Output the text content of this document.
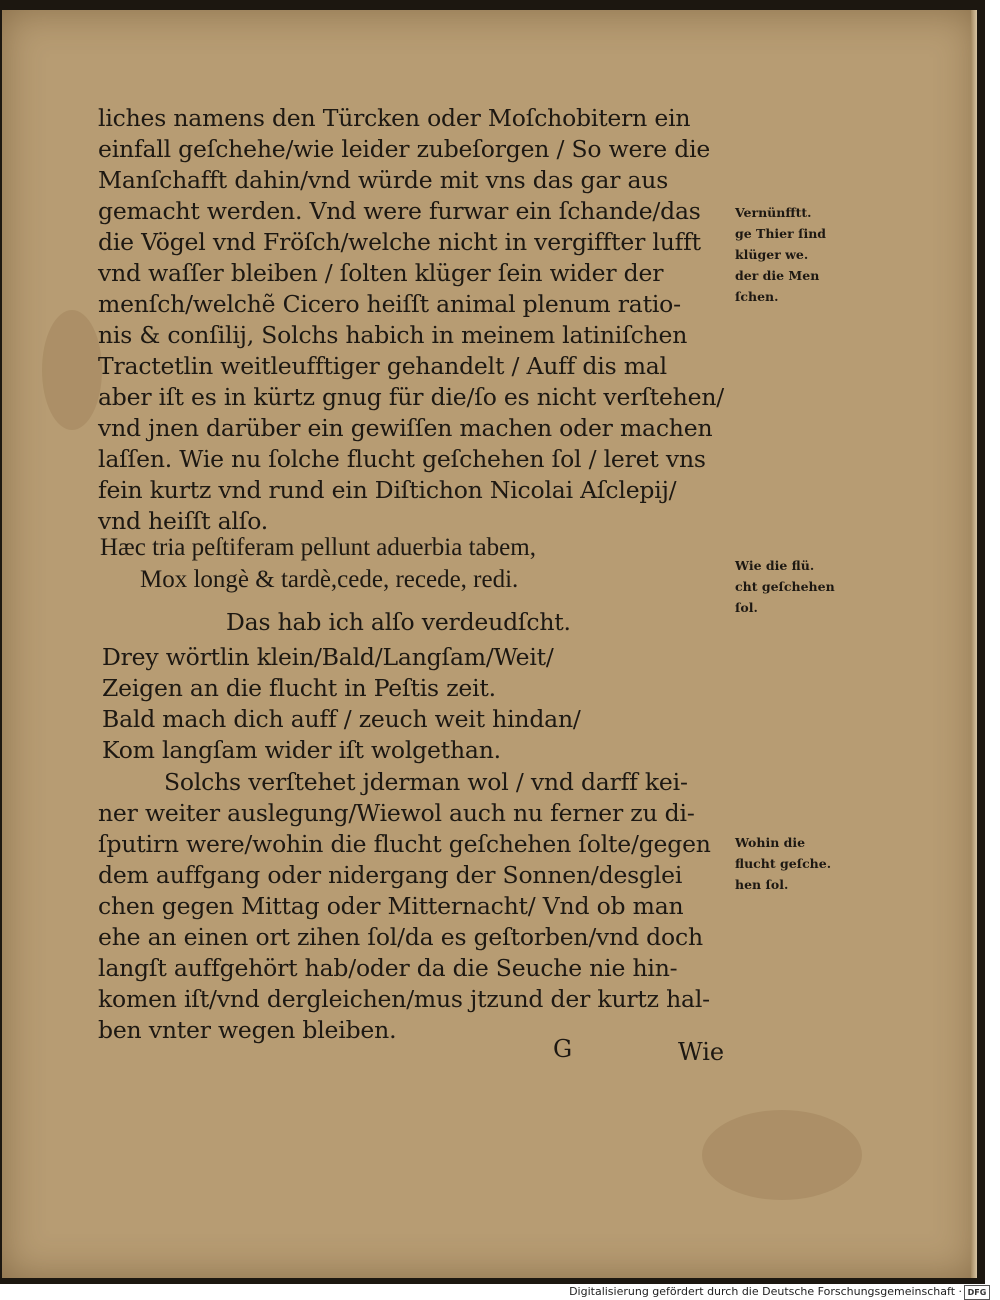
liches namens den Türcken oder Moſchobitern ein
einfall geſchehe/wie leider zubeſorgen / So were die
Manſchafft dahin/vnd würde mit vns das gar aus
gemacht werden. Vnd were furwar ein ſchande/das
die Vögel vnd Fröſch/welche nicht in vergiffter lufft
vnd waſſer bleiben / ſolten klüger ſein wider der
menſch/welchẽ Cicero heiſſt animal plenum ratio-
nis & conſilij, Solchs habich in meinem latiniſchen
Tractetlin weitleufftiger gehandelt / Auff dis mal
aber iſt es in kürtz gnug für die/ſo es nicht verſtehen/
vnd jnen darüber ein gewiſſen machen oder machen
laſſen. Wie nu ſolche flucht geſchehen ſol / leret vns
fein kurtz vnd rund ein Diſtichon Nicolai Aſclepij/
vnd heiſſt alſo.
Hæc tria peſtiferam pellunt aduerbia tabem,
Mox longè & tardè,cede, recede, redi.
Das hab ich alſo verdeudſcht.
Drey wörtlin klein/Bald/Langſam/Weit/
Zeigen an die flucht in Peſtis zeit.
Bald mach dich auff / zeuch weit hindan/
Kom langſam wider iſt wolgethan.
Solchs verſtehet jderman wol / vnd darff kei-
ner weiter auslegung/Wiewol auch nu ferner zu di-
ſputirn were/wohin die flucht geſchehen ſolte/gegen
dem auffgang oder nidergang der Sonnen/desglei
chen gegen Mittag oder Mitternacht/ Vnd ob man
ehe an einen ort zihen ſol/da es geſtorben/vnd doch
langſt auffgehört hab/oder da die Seuche nie hin-
komen iſt/vnd dergleichen/mus jtzund der kurtz hal-
ben vnter wegen bleiben.
Vernünfftt.
ge Thier ſind
klüger we.
der die Men
ſchen.
Wie die flü.
cht geſchehen
ſol.
Wohin die
flucht geſche.
hen ſol.
G	Wie
Digitalisierung gefördert durch die Deutsche Forschungsgemeinschaft · DFG
